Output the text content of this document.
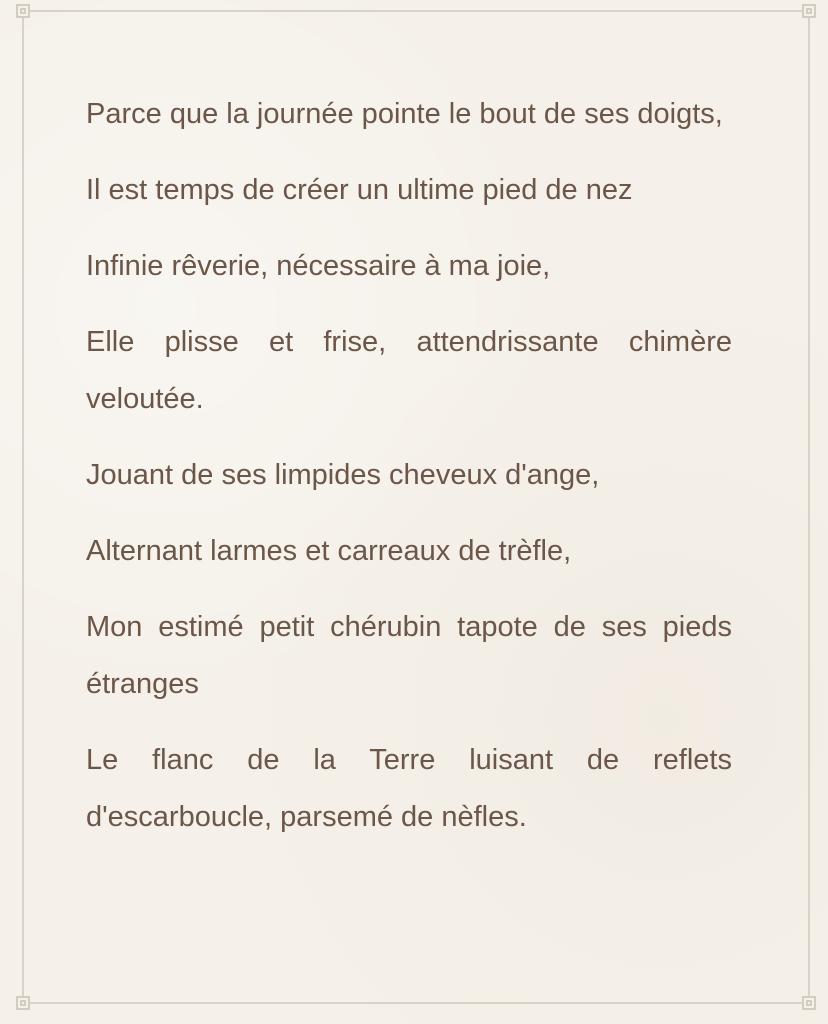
Parce que la journée pointe le bout de ses doigts,

Il est temps de créer un ultime pied de nez

Infinie rêverie, nécessaire à ma joie,

Elle plisse et frise, attendrissante chimère veloutée.

Jouant de ses limpides cheveux d'ange,

Alternant larmes et carreaux de trèfle,

Mon estimé petit chérubin tapote de ses pieds étranges

Le flanc de la Terre luisant de reflets d'escarboucle, parsemé de nèfles.
